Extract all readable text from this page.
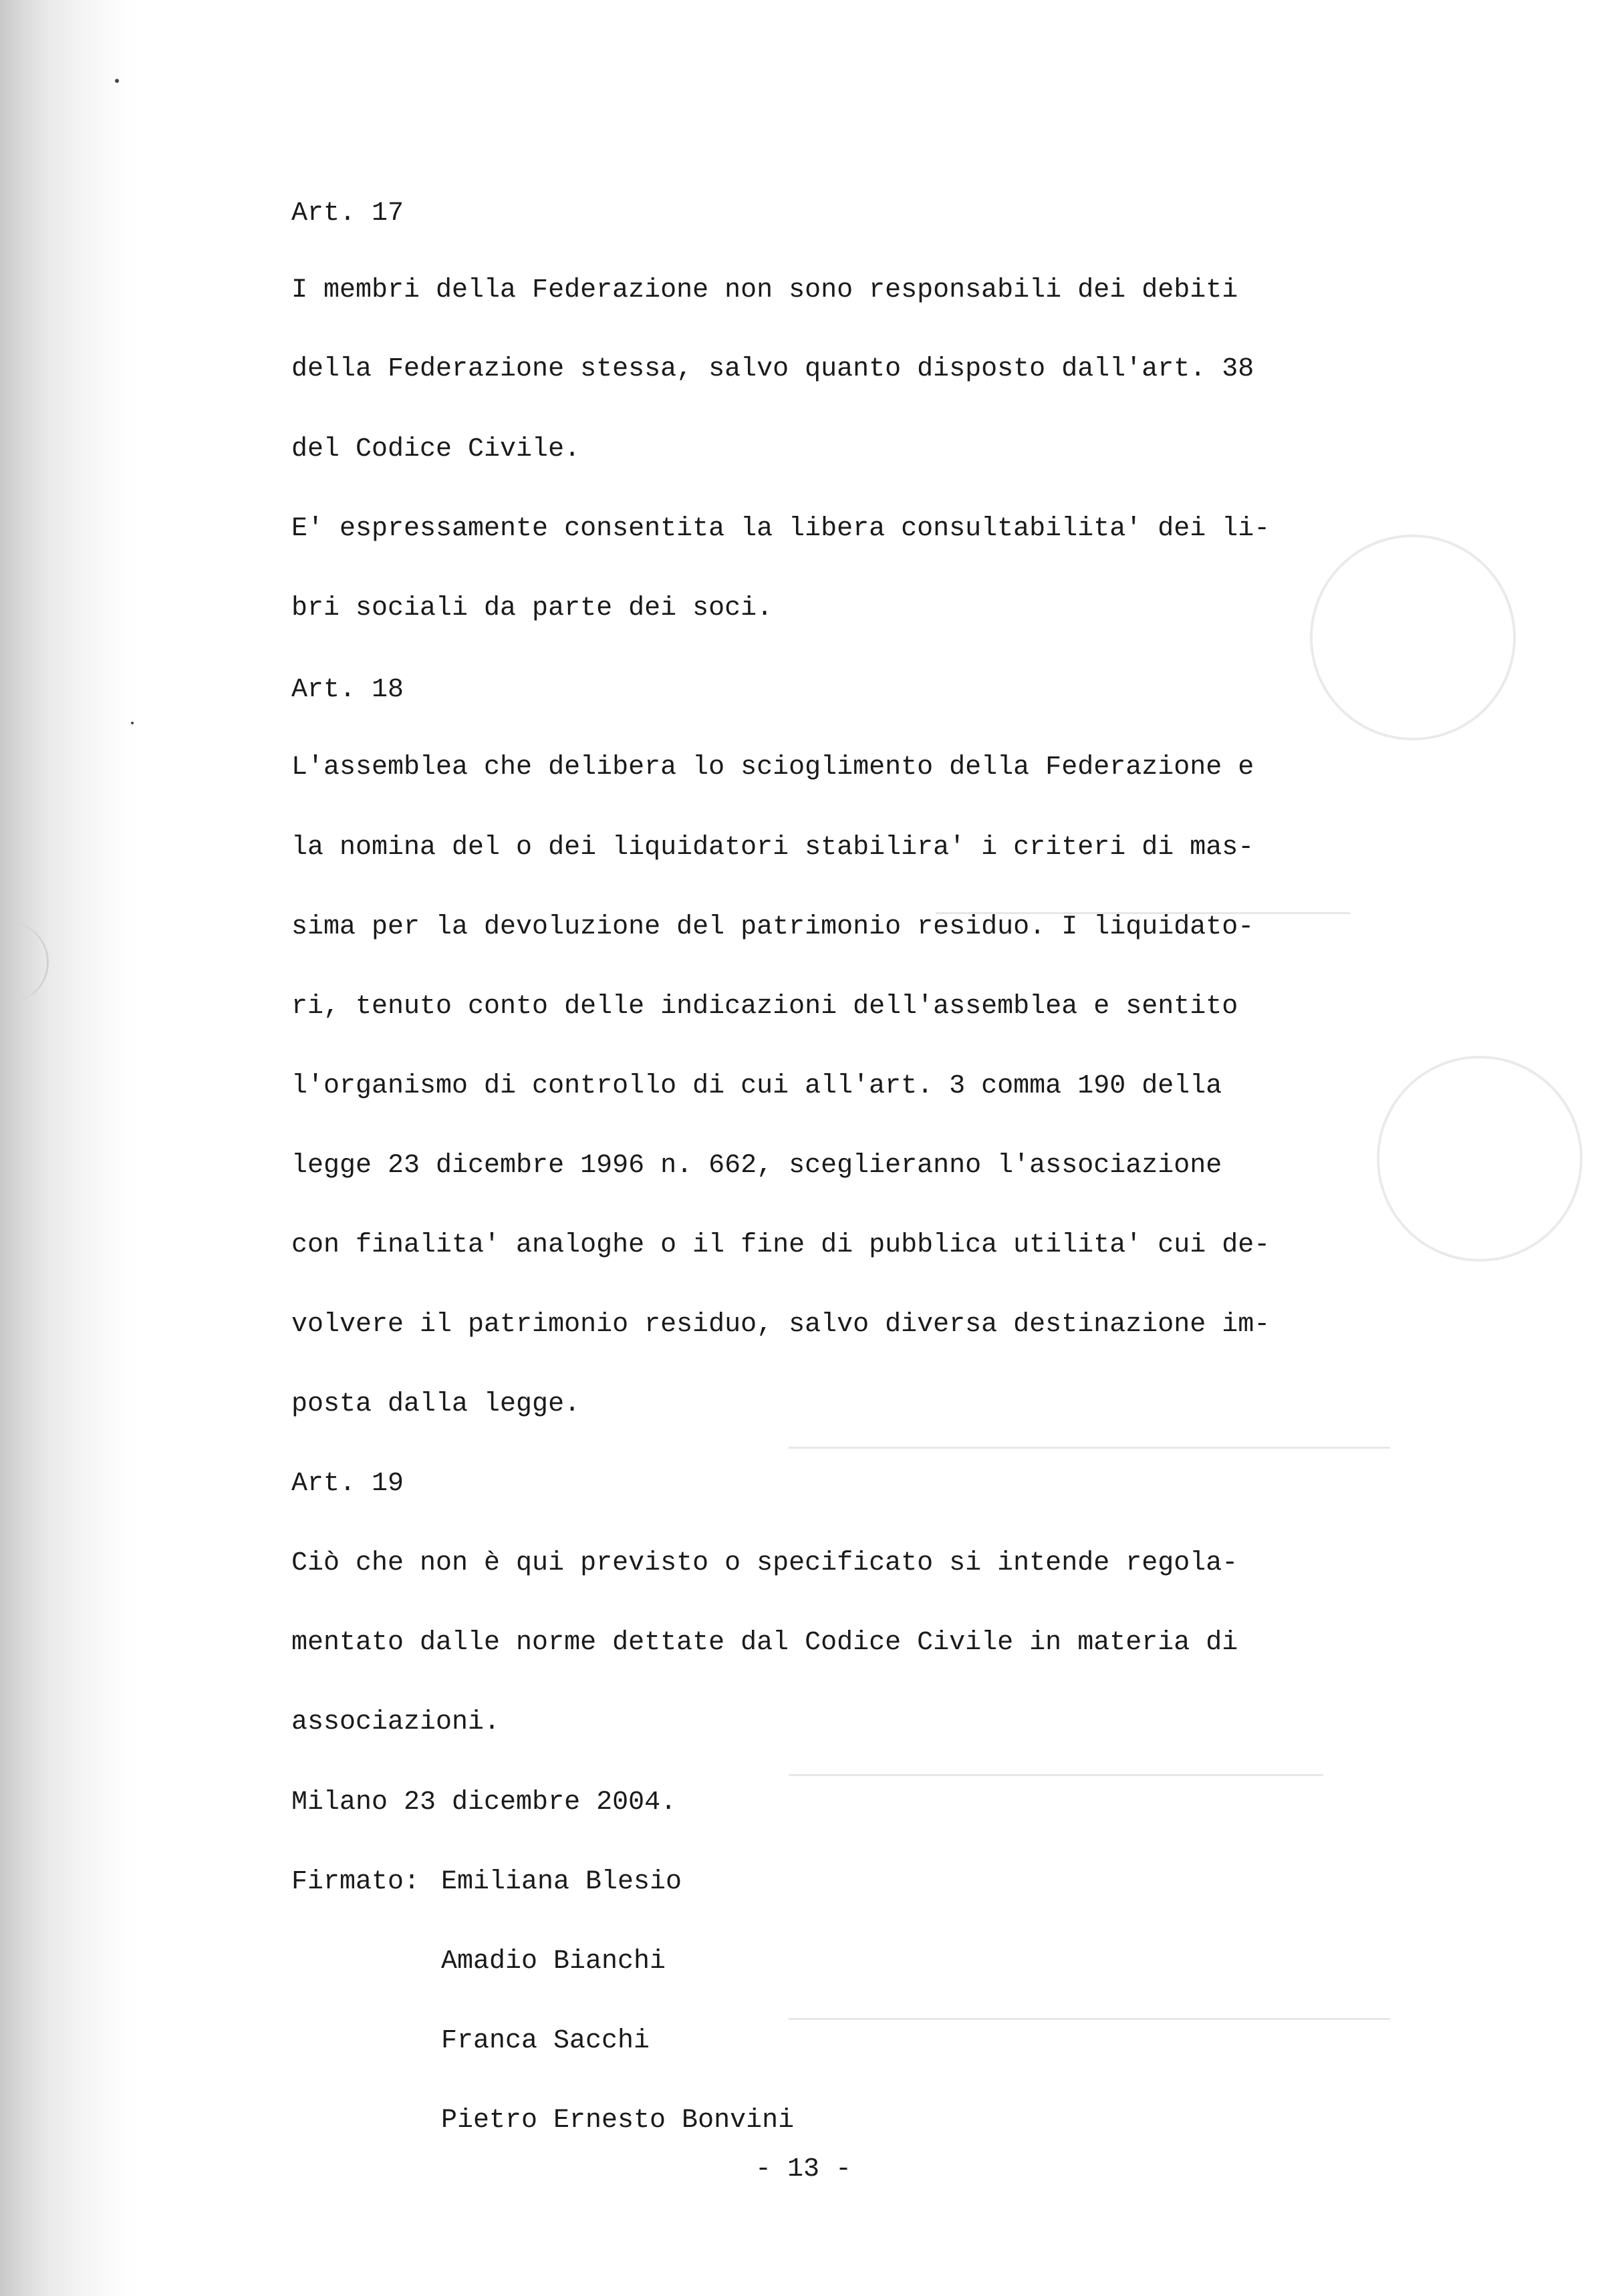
Art. 17
I membri della Federazione non sono responsabili dei debiti
della Federazione stessa, salvo quanto disposto dall'art. 38
del Codice Civile.
E' espressamente consentita la libera consultabilita' dei li-
bri sociali da parte dei soci.
Art. 18
L'assemblea che delibera lo scioglimento della Federazione e
la nomina del o dei liquidatori stabilira' i criteri di mas-
sima per la devoluzione del patrimonio residuo. I liquidato-
ri, tenuto conto delle indicazioni dell'assemblea e sentito
l'organismo di controllo di cui all'art. 3 comma 190 della
legge 23 dicembre 1996 n. 662, sceglieranno l'associazione
con finalita' analoghe o il fine di pubblica utilita' cui de-
volvere il patrimonio residuo, salvo diversa destinazione im-
posta dalla legge.
Art. 19
Ciò che non è qui previsto o specificato si intende regola-
mentato dalle norme dettate dal Codice Civile in materia di
associazioni.
Milano 23 dicembre 2004.
Firmato: Emiliana Blesio
Amadio Bianchi
Franca Sacchi
Pietro Ernesto Bonvini
- 13 -
